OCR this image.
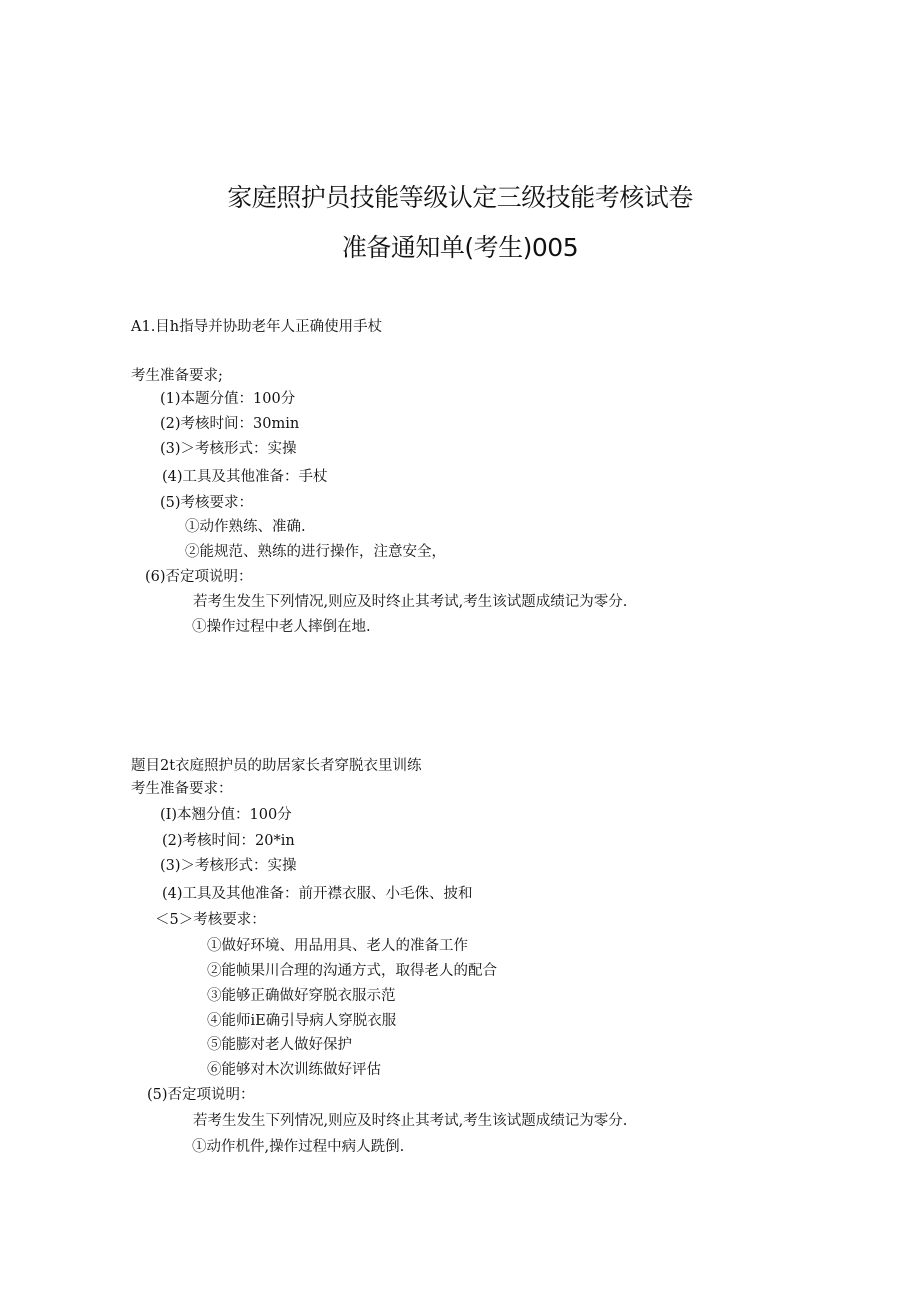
家庭照护员技能等级认定三级技能考核试卷
准备通知单(考生)005
A1.目h指导并协助老年人正确使用手杖
考生准备要求;
(1)本题分值：100分
(2)考核时间：30min
(3)＞考核形式：实操
(4)工具及其他准备：手杖
(5)考核要求：
①动作熟练、准确.
②能规范、熟练的进行操作，注意安全，
(6)否定项说明：
若考生发生下列情况,则应及时终止其考试,考生该试题成绩记为零分.
①操作过程中老人摔倒在地.
题目2t衣庭照护员的助居家长者穿脱衣里训练
考生准备要求：
(I)本翘分值：100分
(2)考核时间：20*in
(3)＞考核形式：实操
(4)工具及其他准备：前开襟衣服、小毛侏、披和
＜5＞考核要求：
①做好环境、用品用具、老人的准备工作
②能帧果川合理的沟通方式，取得老人的配合
③能够正确做好穿脱衣服示范
④能师iE确引导病人穿脱衣服
⑤能膨对老人做好保护
⑥能够对木次训练做好评估
(5)否定项说明：
若考生发生下列情况,则应及时终止其考试,考生该试题成绩记为零分.
①动作机件,操作过程中病人跣倒.
